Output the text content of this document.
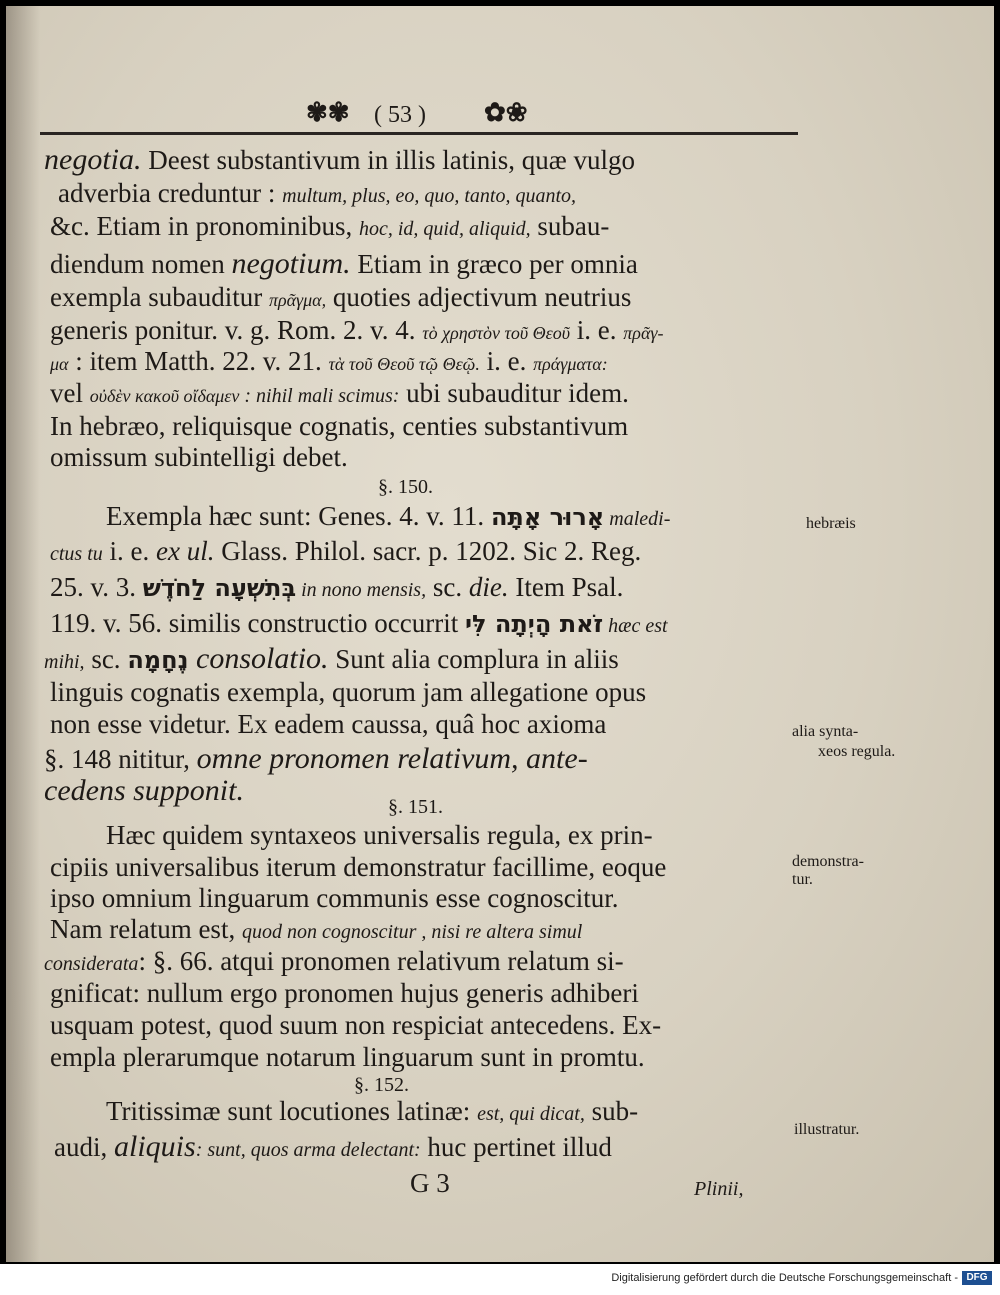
✾✾ ( 53 ) ✿❀
negotia. Deest substantivum in illis latinis, quæ vulgo
adverbia creduntur : multum, plus, eo, quo, tanto, quanto,
&c. Etiam in pronominibus, hoc, id, quid, aliquid, subau-
diendum nomen negotium. Etiam in græco per omnia
exempla subauditur πρᾶγμα, quoties adjectivum neutrius
generis ponitur. v. g. Rom. 2. v. 4. τὸ χρηστὸν τοῦ Θεοῦ i. e. πρᾶγ-
μα : item Matth. 22. v. 21. τὰ τοῦ Θεοῦ τῷ Θεῷ. i. e. πράγματα:
vel οὐδὲν κακοῦ οἴδαμεν : nihil mali scimus: ubi subauditur idem.
In hebræo, reliquisque cognatis, centies substantivum
omissum subintelligi debet.
§. 150.
Exempla hæc sunt: Genes. 4. v. 11. אָרוּר אָתָּה maledi-
ctus tu i. e. ex ul. Glass. Philol. sacr. p. 1202. Sic 2. Reg.
25. v. 3. בְּתִשְׁעָה לַחֹדֶשׁ in nono mensis, sc. die. Item Psal.
119. v. 56. similis constructio occurrit זֹאת הָיְתָה לִּי hæc est
mihi, sc. נֶחָמָה consolatio. Sunt alia complura in aliis
linguis cognatis exempla, quorum jam allegatione opus
non esse videtur. Ex eadem caussa, quâ hoc axioma
§. 148 nititur, omne pronomen relativum, ante-
cedens supponit.	§. 151.
Hæc quidem syntaxeos universalis regula, ex prin-
cipiis universalibus iterum demonstratur facillime, eoque
ipso omnium linguarum communis esse cognoscitur.
Nam relatum est, quod non cognoscitur , nisi re altera simul
considerata: §. 66. atqui pronomen relativum relatum si-
gnificat: nullum ergo pronomen hujus generis adhiberi
usquam potest, quod suum non respiciat antecedens. Ex-
empla plerarumque notarum linguarum sunt in promtu.
§. 152.
Tritissimæ sunt locutiones latinæ: est, qui dicat, sub-
audi, aliquis: sunt, quos arma delectant: huc pertinet illud
G 3	Plinii,
hebræis
alia synta-
xeos regula.
demonstra-
tur.
illustratur.
Digitalisierung gefördert durch die Deutsche Forschungsgemeinschaft - DFG
